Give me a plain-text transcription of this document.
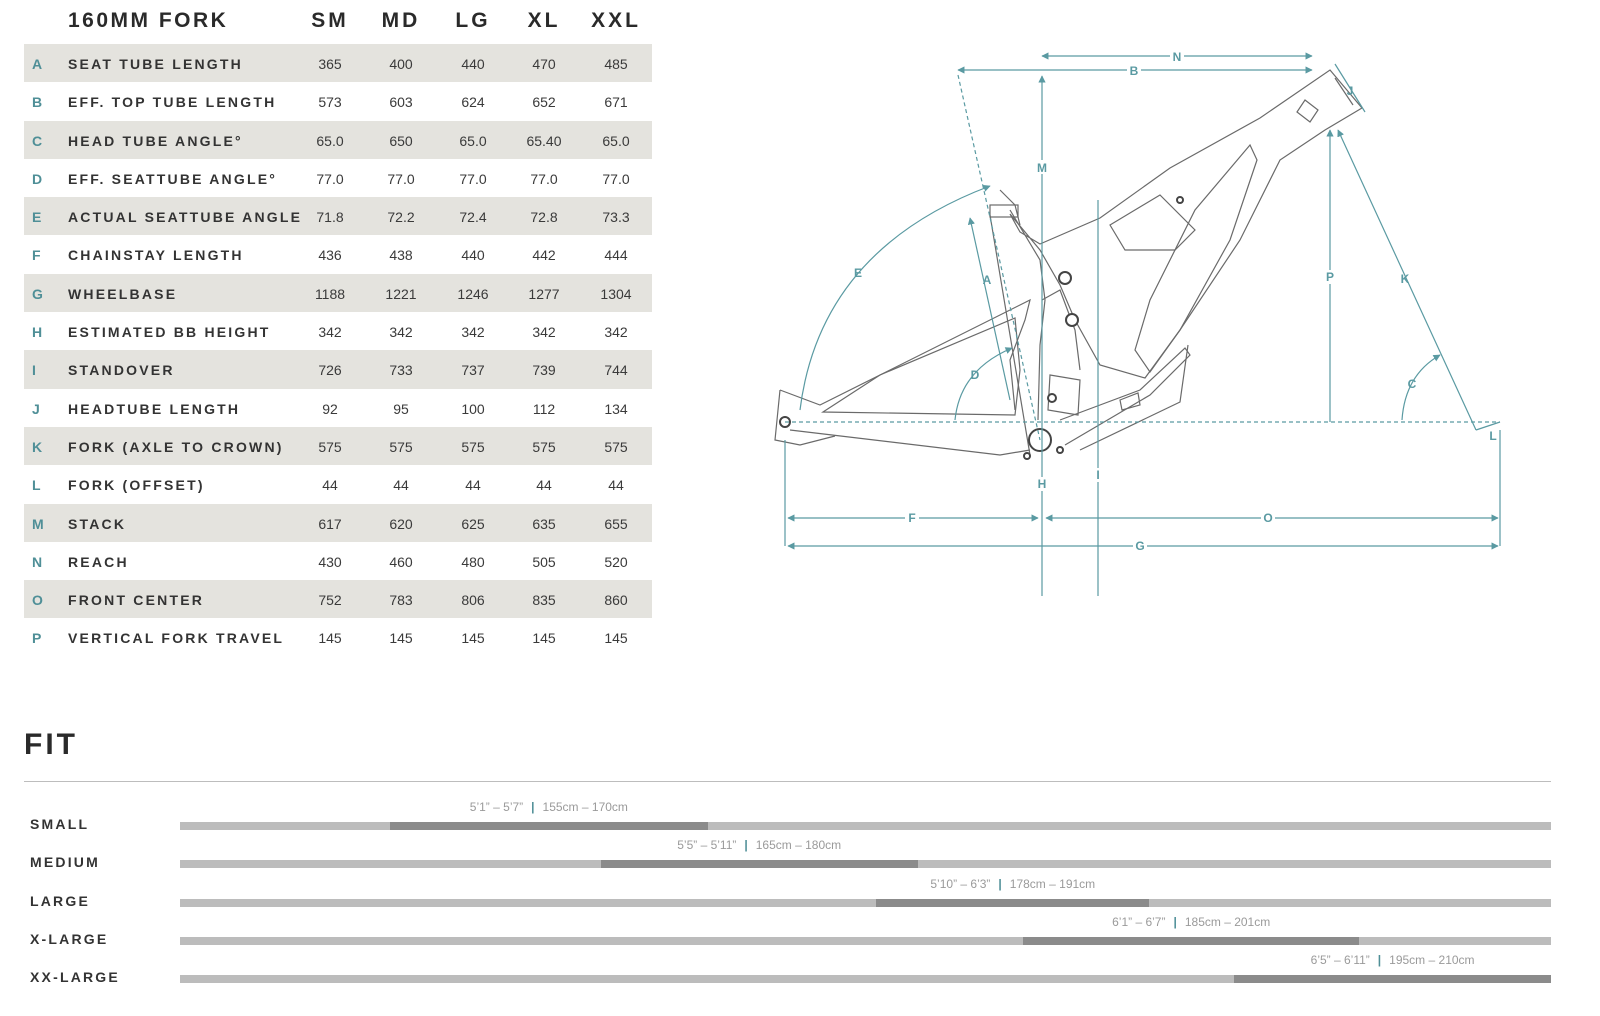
160MM FORK	SM	MD	LG	XL	XXL
A SEAT TUBE LENGTH	365	400	440	470	485
B EFF. TOP TUBE LENGTH	573	603	624	652	671
C HEAD TUBE ANGLE°	65.0	650	65.0	65.40	65.0
D EFF. SEATTUBE ANGLE°	77.0	77.0	77.0	77.0	77.0
E ACTUAL SEATTUBE ANGLE	71.8	72.2	72.4	72.8	73.3
F CHAINSTAY LENGTH	436	438	440	442	444
G WHEELBASE	1188	1221	1246	1277	1304
H ESTIMATED BB HEIGHT	342	342	342	342	342
I STANDOVER	726	733	737	739	744
J HEADTUBE LENGTH	92	95	100	112	134
K FORK (AXLE TO CROWN)	575	575	575	575	575
L FORK (OFFSET)	44	44	44	44	44
M STACK	617	620	625	635	655
N REACH	430	460	480	505	520
O FRONT CENTER	752	783	806	835	860
P VERTICAL FORK TRAVEL	145	145	145	145	145
N
B
J
M
P	K
E	A
D
C
L
I
H
F	O
G
FIT
SMALL
5’1” – 5’7” | 155cm – 170cm
MEDIUM
5’5” – 5’11” | 165cm – 180cm
LARGE
5’10” – 6’3” | 178cm – 191cm
X-LARGE
6’1” – 6’7” | 185cm – 201cm
XX-LARGE
6’5” – 6’11” | 195cm – 210cm
